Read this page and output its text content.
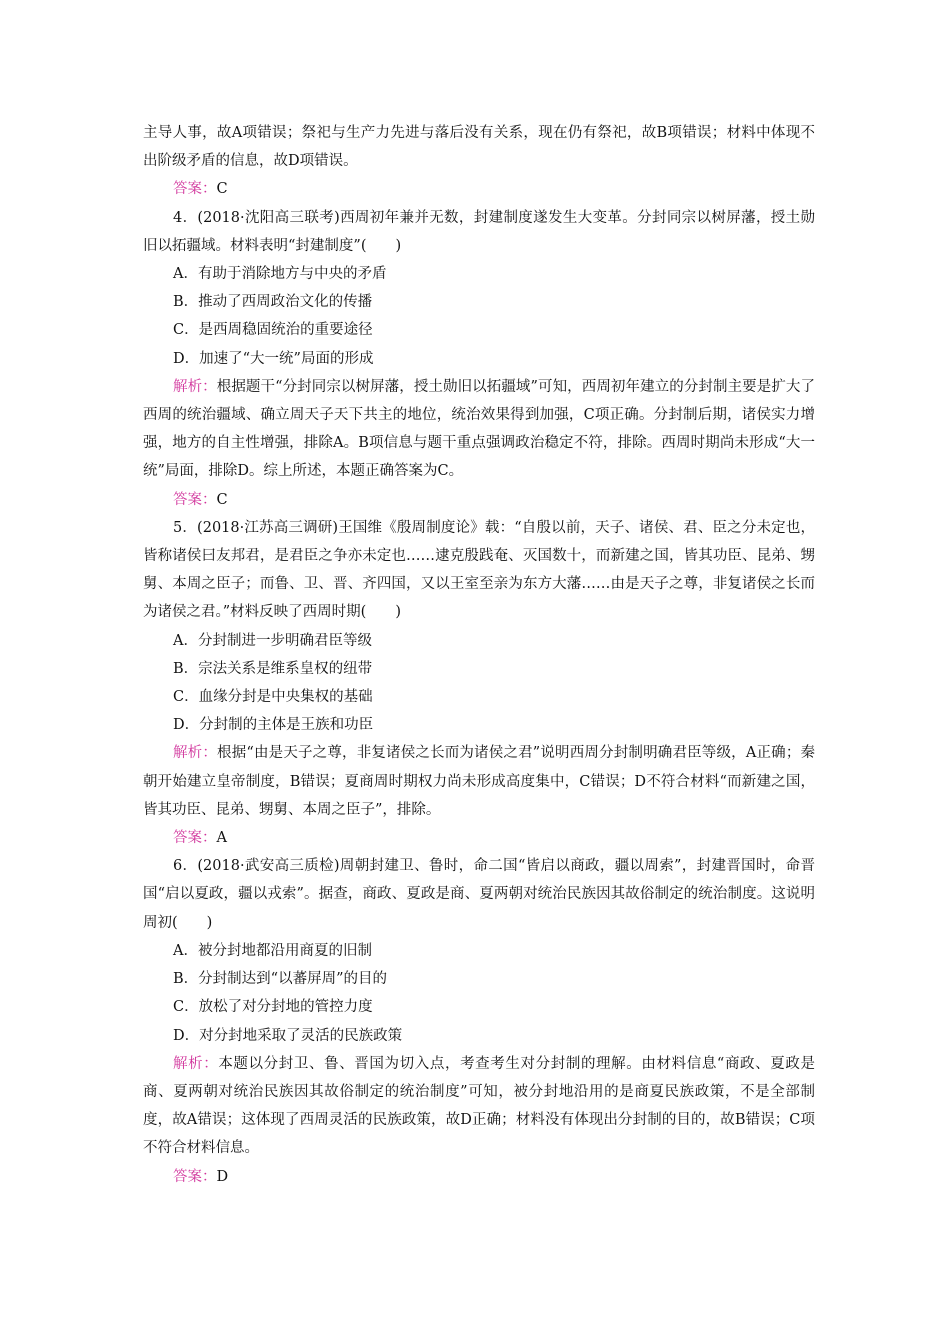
主导人事，故A项错误；祭祀与生产力先进与落后没有关系，现在仍有祭祀，故B项错误；材料中体现不出阶级矛盾的信息，故D项错误。

答案：C

4．(2018·沈阳高三联考)西周初年兼并无数，封建制度遂发生大变革。分封同宗以树屏藩，授土勋旧以拓疆域。材料表明“封建制度”(　　)

A．有助于消除地方与中央的矛盾

B．推动了西周政治文化的传播

C．是西周稳固统治的重要途径

D．加速了“大一统”局面的形成

解析：根据题干“分封同宗以树屏藩，授土勋旧以拓疆域”可知，西周初年建立的分封制主要是扩大了西周的统治疆域、确立周天子天下共主的地位，统治效果得到加强，C项正确。分封制后期，诸侯实力增强，地方的自主性增强，排除A。B项信息与题干重点强调政治稳定不符，排除。西周时期尚未形成“大一统”局面，排除D。综上所述，本题正确答案为C。

答案：C

5．(2018·江苏高三调研)王国维《殷周制度论》载：“自殷以前，天子、诸侯、君、臣之分未定也，皆称诸侯曰友邦君，是君臣之争亦未定也……逮克殷践奄、灭国数十，而新建之国，皆其功臣、昆弟、甥舅、本周之臣子；而鲁、卫、晋、齐四国，又以王室至亲为东方大藩……由是天子之尊，非复诸侯之长而为诸侯之君。”材料反映了西周时期(　　)

A．分封制进一步明确君臣等级

B．宗法关系是维系皇权的纽带

C．血缘分封是中央集权的基础

D．分封制的主体是王族和功臣

解析：根据“由是天子之尊，非复诸侯之长而为诸侯之君”说明西周分封制明确君臣等级，A正确；秦朝开始建立皇帝制度，B错误；夏商周时期权力尚未形成高度集中，C错误；D不符合材料“而新建之国，皆其功臣、昆弟、甥舅、本周之臣子”，排除。

答案：A

6．(2018·武安高三质检)周朝封建卫、鲁时，命二国“皆启以商政，疆以周索”，封建晋国时，命晋国“启以夏政，疆以戎索”。据查，商政、夏政是商、夏两朝对统治民族因其故俗制定的统治制度。这说明周初(　　)

A．被分封地都沿用商夏的旧制

B．分封制达到“以蕃屏周”的目的

C．放松了对分封地的管控力度

D．对分封地采取了灵活的民族政策

解析：本题以分封卫、鲁、晋国为切入点，考查考生对分封制的理解。由材料信息“商政、夏政是商、夏两朝对统治民族因其故俗制定的统治制度”可知，被分封地沿用的是商夏民族政策，不是全部制度，故A错误；这体现了西周灵活的民族政策，故D正确；材料没有体现出分封制的目的，故B错误；C项不符合材料信息。

答案：D
